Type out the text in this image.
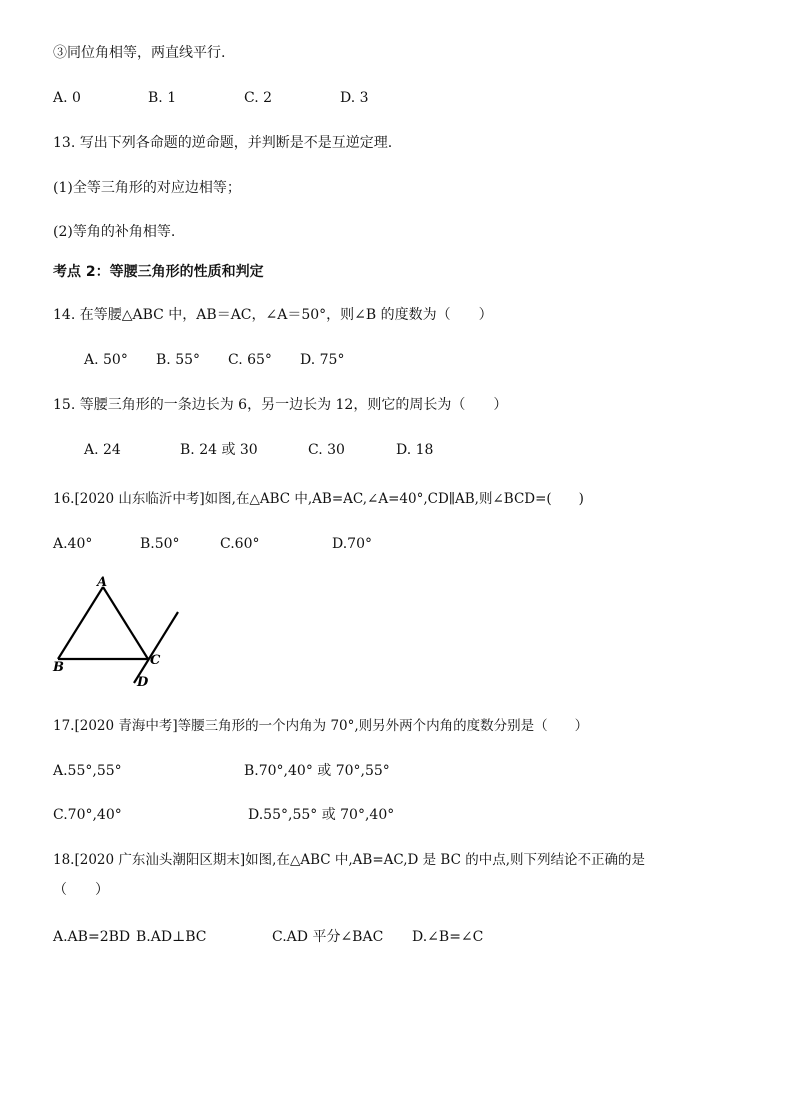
③同位角相等，两直线平行.
A. 0	B. 1	C. 2	D. 3
13. 写出下列各命题的逆命题，并判断是不是互逆定理.
(1)全等三角形的对应边相等；
(2)等角的补角相等.
考点 2：等腰三角形的性质和判定
14. 在等腰△ABC 中，AB＝AC，∠A＝50°，则∠B 的度数为（　　）
A. 50° B. 55° C. 65° D. 75°
15. 等腰三角形的一条边长为 6，另一边长为 12，则它的周长为（　　）
A. 24	B. 24 或 30	C. 30	D. 18
16.[2020 山东临沂中考]如图,在△ABC 中,AB=AC,∠A=40°,CD∥AB,则∠BCD=(　　)
A.40°	B.50°	C.60°	D.70°
A
B	C
D
17.[2020 青海中考]等腰三角形的一个内角为 70°,则另外两个内角的度数分别是（　　）
A.55°,55°	B.70°,40° 或 70°,55°
C.70°,40°	D.55°,55° 或 70°,40°
18.[2020 广东汕头潮阳区期末]如图,在△ABC 中,AB=AC,D 是 BC 的中点,则下列结论不正确的是
（　　）
A.AB=2BD B.AD⊥BC	C.AD 平分∠BAC D.∠B=∠C
